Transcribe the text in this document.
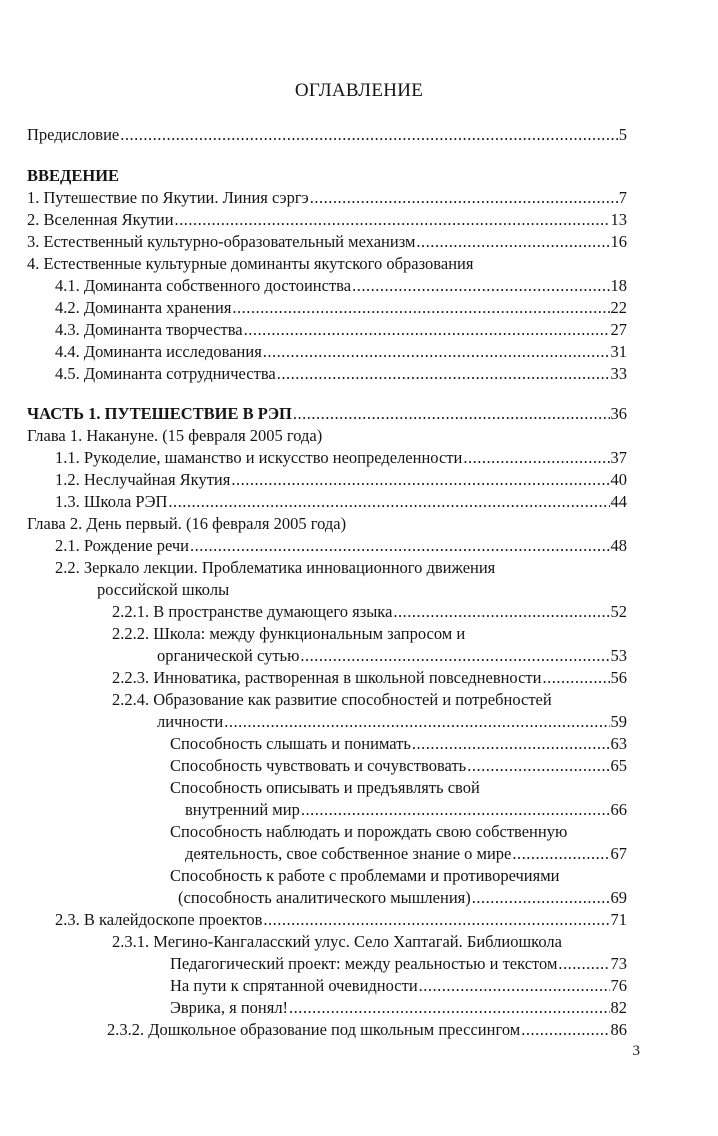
ОГЛАВЛЕНИЕ
Предисловие .....	5
ВВЕДЕНИЕ
1. Путешествие по Якутии. Линия сэргэ .....	7
2. Вселенная Якутии .....	13
3. Естественный культурно-образовательный механизм .....	16
4. Естественные культурные доминанты якутского образования
4.1. Доминанта собственного достоинства .....	18
4.2. Доминанта хранения .....	22
4.3. Доминанта творчества .....	27
4.4. Доминанта исследования .....	31
4.5. Доминанта сотрудничества .....	33
ЧАСТЬ 1. ПУТЕШЕСТВИЕ В РЭП .....	36
Глава 1. Накануне. (15 февраля 2005 года)
1.1. Рукоделие, шаманство и искусство неопределенности .....	37
1.2. Неслучайная Якутия .....	40
1.3. Школа РЭП .....	44
Глава 2. День первый. (16 февраля 2005 года)
2.1. Рождение речи .....	48
2.2. Зеркало лекции. Проблематика инновационного движения
российской школы
2.2.1. В пространстве думающего языка .....	52
2.2.2. Школа: между функциональным запросом и
органической сутью .....	53
2.2.3. Инноватика, растворенная в школьной повседневности .....	56
2.2.4. Образование как развитие способностей и потребностей
личности .....	59
Способность слышать и понимать .....	63
Способность чувствовать и сочувствовать .....	65
Способность описывать и предъявлять свой
внутренний мир .....	66
Способность наблюдать и порождать свою собственную
деятельность, свое собственное знание о мире .....	67
Способность к работе с проблемами и противоречиями
(способность аналитического мышления) .....	69
2.3. В калейдоскопе проектов .....	71
2.3.1. Мегино-Кангаласский улус. Село Хаптагай. Библиошкола
Педагогический проект: между реальностью и текстом .....	73
На пути к спрятанной очевидности .....	76
Эврика, я понял! .....	82
2.3.2. Дошкольное образование под школьным прессингом .....	86
3
